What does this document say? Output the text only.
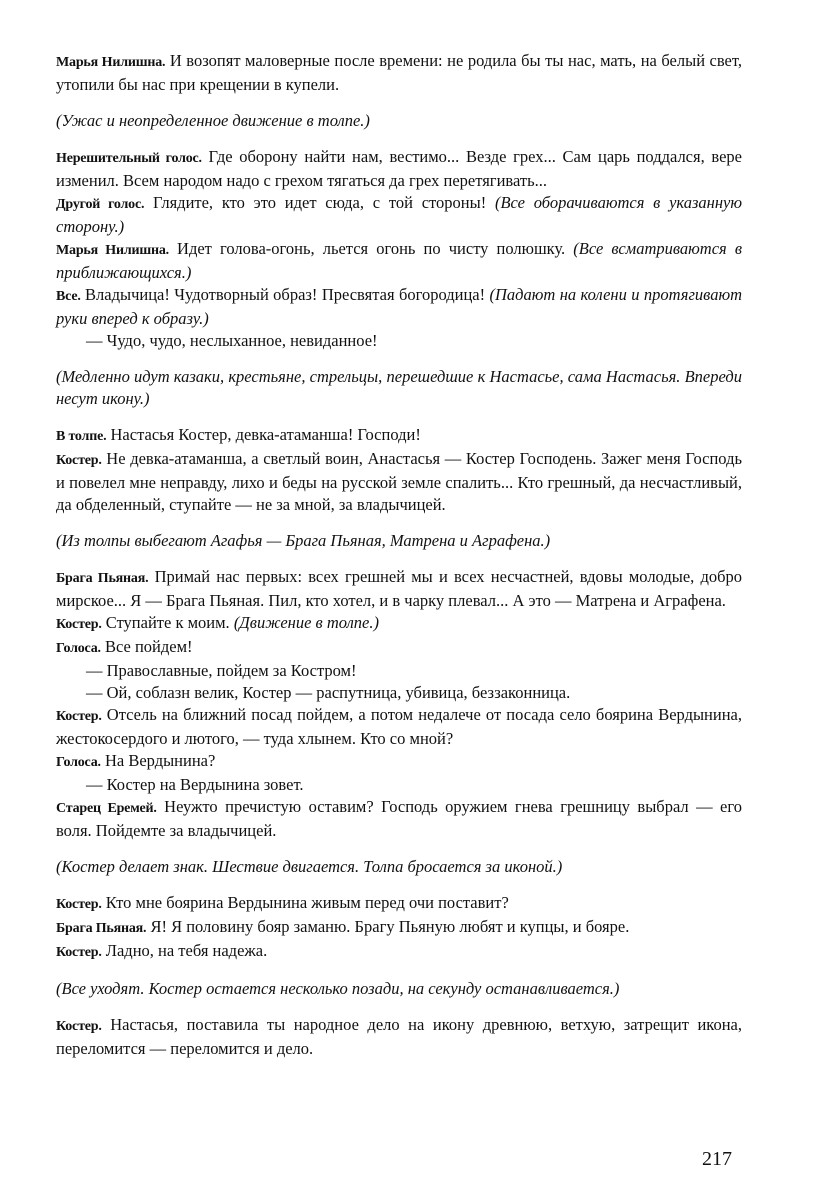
Марья Нилишна. И возопят маловерные после времени: не родила бы ты нас, мать, на белый свет, утопили бы нас при крещении в купели.

(Ужас и неопределенное движение в толпе.)

Нерешительный голос. Где оборону найти нам, вестимо... Везде грех... Сам царь поддался, вере изменил. Всем народом надо с грехом тягаться да грех перетягивать...

Другой голос. Глядите, кто это идет сюда, с той стороны! (Все оборачиваются в указанную сторону.)

Марья Нилишна. Идет голова-огонь, льется огонь по чисту полюшку. (Все всматриваются в приближающихся.)

Все. Владычица! Чудотворный образ! Пресвятая богородица! (Падают на колени и протягивают руки вперед к образу.)

— Чудо, чудо, неслыханное, невиданное!

(Медленно идут казаки, крестьяне, стрельцы, перешедшие к Настасье, сама Настасья. Впереди несут икону.)

В толпе. Настасья Костер, девка-атаманша! Господи!

Костер. Не девка-атаманша, а светлый воин, Анастасья — Костер Господень. Зажег меня Господь и повелел мне неправду, лихо и беды на русской земле спалить... Кто грешный, да несчастливый, да обделенный, ступайте — не за мной, за владычицей.

(Из толпы выбегают Агафья — Брага Пьяная, Матрена и Аграфена.)

Брага Пьяная. Примай нас первых: всех грешней мы и всех несчастней, вдовы молодые, добро мирское... Я — Брага Пьяная. Пил, кто хотел, и в чарку плевал... А это — Матрена и Аграфена.

Костер. Ступайте к моим. (Движение в толпе.)

Голоса. Все пойдем!

— Православные, пойдем за Костром!

— Ой, соблазн велик, Костер — распутница, убивица, беззаконница.

Костер. Отсель на ближний посад пойдем, а потом недалече от посада село боярина Вердынина, жестокосердого и лютого, — туда хлынем. Кто со мной?

Голоса. На Вердынина?

— Костер на Вердынина зовет.

Старец Еремей. Неужто пречистую оставим? Господь оружием гнева грешницу выбрал — его воля. Пойдемте за владычицей.

(Костер делает знак. Шествие двигается. Толпа бросается за иконой.)

Костер. Кто мне боярина Вердынина живым перед очи поставит?

Брага Пьяная. Я! Я половину бояр заманю. Брагу Пьяную любят и купцы, и бояре.

Костер. Ладно, на тебя надежа.

(Все уходят. Костер остается несколько позади, на секунду останавливается.)

Костер. Настасья, поставила ты народное дело на икону древнюю, ветхую, затрещит икона, переломится — переломится и дело.

217
